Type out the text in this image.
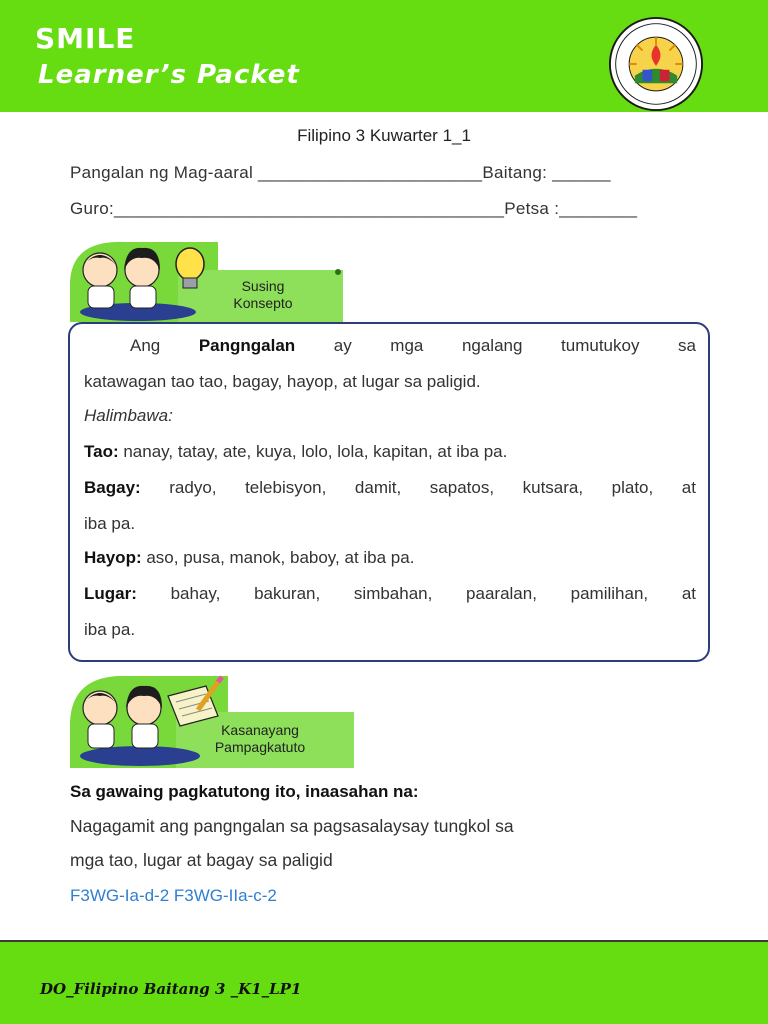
SMILE
Learner’s Packet
Filipino 3 Kuwarter 1_1
Pangalan ng Mag-aaral _______________________Baitang: ______
Guro:________________________________________Petsa :________
Susing
Konsepto
Ang Pangngalan ay mga ngalang tumutukoy sa
katawagan tao tao, bagay, hayop, at lugar sa paligid.
Halimbawa:
Tao: nanay, tatay, ate, kuya, lolo, lola, kapitan, at iba pa.
Bagay: radyo, telebisyon, damit, sapatos, kutsara, plato, at
iba pa.
Hayop: aso, pusa, manok, baboy, at iba pa.
Lugar: bahay, bakuran, simbahan, paaralan, pamilihan, at
iba pa.
Kasanayang
Pampagkatuto
Sa gawaing pagkatutong ito, inaasahan na:
Nagagamit ang pangngalan sa pagsasalaysay tungkol sa
mga tao, lugar at bagay sa paligid
F3WG-Ia-d-2 F3WG-IIa-c-2
DO_Filipino Baitang 3 _K1_LP1
